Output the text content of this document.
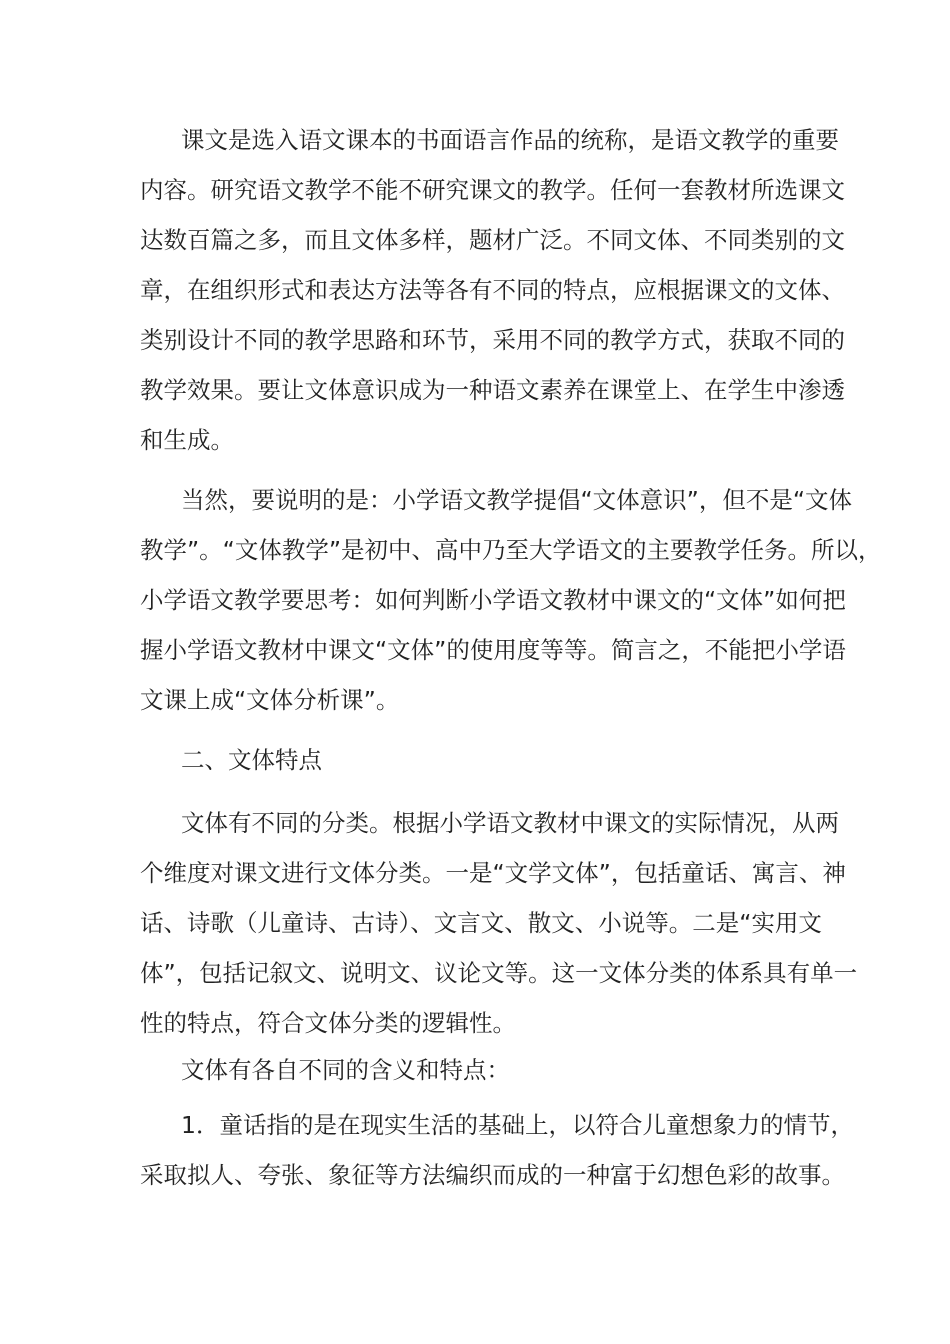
课文是选入语文课本的书面语言作品的统称，是语文教学的重要

内容。研究语文教学不能不研究课文的教学。任何一套教材所选课文

达数百篇之多，而且文体多样，题材广泛。不同文体、不同类别的文

章，在组织形式和表达方法等各有不同的特点，应根据课文的文体、

类别设计不同的教学思路和环节，采用不同的教学方式，获取不同的

教学效果。要让文体意识成为一种语文素养在课堂上、在学生中渗透

和生成。

当然，要说明的是：小学语文教学提倡“文体意识”，但不是“文体

教学”。“文体教学”是初中、高中乃至大学语文的主要教学任务。所以，

小学语文教学要思考：如何判断小学语文教材中课文的“文体”如何把

握小学语文教材中课文“文体”的使用度等等。简言之，不能把小学语

文课上成“文体分析课”。

二、文体特点

文体有不同的分类。根据小学语文教材中课文的实际情况，从两

个维度对课文进行文体分类。一是“文学文体”，包括童话、寓言、神

话、诗歌（儿童诗、古诗）、文言文、散文、小说等。二是“实用文

体”，包括记叙文、说明文、议论文等。这一文体分类的体系具有单一

性的特点，符合文体分类的逻辑性。

文体有各自不同的含义和特点：

1．童话指的是在现实生活的基础上，以符合儿童想象力的情节，

采取拟人、夸张、象征等方法编织而成的一种富于幻想色彩的故事。
